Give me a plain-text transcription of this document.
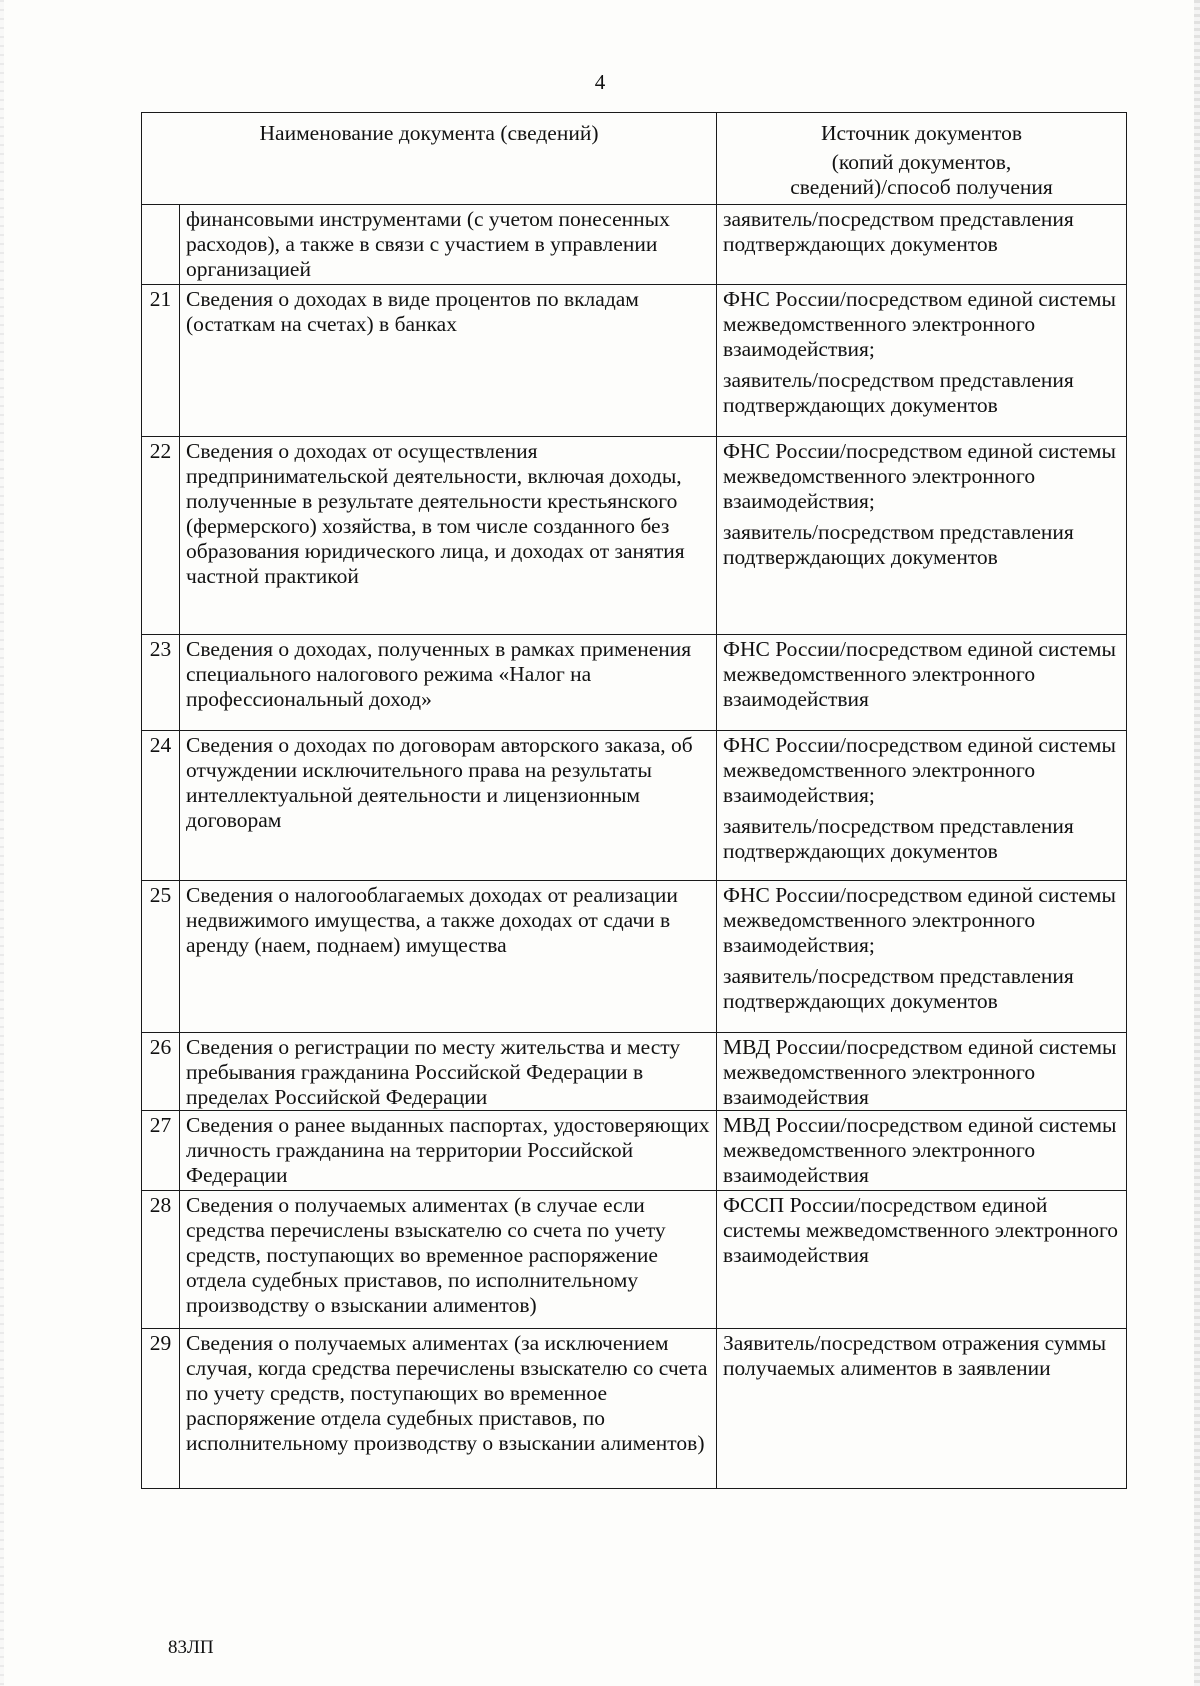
4
Наименование документа (сведений)		Источник документов
(копий документов,
сведений)/способ получения

	финансовыми инструментами (с учетом понесенных расходов), а также в связи с участием в управлении организацией	заявитель/посредством представления подтверждающих документов

21	Сведения о доходах в виде процентов по вкладам (остаткам на счетах) в банках	ФНС России/посредством единой системы межведомственного электронного взаимодействия;
заявитель/посредством представления подтверждающих документов

22	Сведения о доходах от осуществления предпринимательской деятельности, включая доходы, полученные в результате деятельности крестьянского (фермерского) хозяйства, в том числе созданного без образования юридического лица, и доходах от занятия частной практикой	ФНС России/посредством единой системы межведомственного электронного взаимодействия;
заявитель/посредством представления подтверждающих документов

23	Сведения о доходах, полученных в рамках применения специального налогового режима «Налог на профессиональный доход»	ФНС России/посредством единой системы межведомственного электронного взаимодействия

24	Сведения о доходах по договорам авторского заказа, об отчуждении исключительного права на результаты интеллектуальной деятельности и лицензионным договорам	ФНС России/посредством единой системы межведомственного электронного взаимодействия;
заявитель/посредством представления подтверждающих документов

25	Сведения о налогооблагаемых доходах от реализации недвижимого имущества, а также доходах от сдачи в аренду (наем, поднаем) имущества	ФНС России/посредством единой системы межведомственного электронного взаимодействия;
заявитель/посредством представления подтверждающих документов

26	Сведения о регистрации по месту жительства и месту пребывания гражданина Российской Федерации в пределах Российской Федерации	МВД России/посредством единой системы межведомственного электронного взаимодействия

27	Сведения о ранее выданных паспортах, удостоверяющих личность гражданина на территории Российской Федерации	МВД России/посредством единой системы межведомственного электронного взаимодействия

28	Сведения о получаемых алиментах (в случае если средства перечислены взыскателю со счета по учету средств, поступающих во временное распоряжение отдела судебных приставов, по исполнительному производству о взыскании алиментов)	ФССП России/посредством единой системы межведомственного электронного взаимодействия

29	Сведения о получаемых алиментах (за исключением случая, когда средства перечислены взыскателю со счета по учету средств, поступающих во временное распоряжение отдела судебных приставов, по исполнительному производству о взыскании алиментов)	Заявитель/посредством отражения суммы получаемых алиментов в заявлении
83ЛП
